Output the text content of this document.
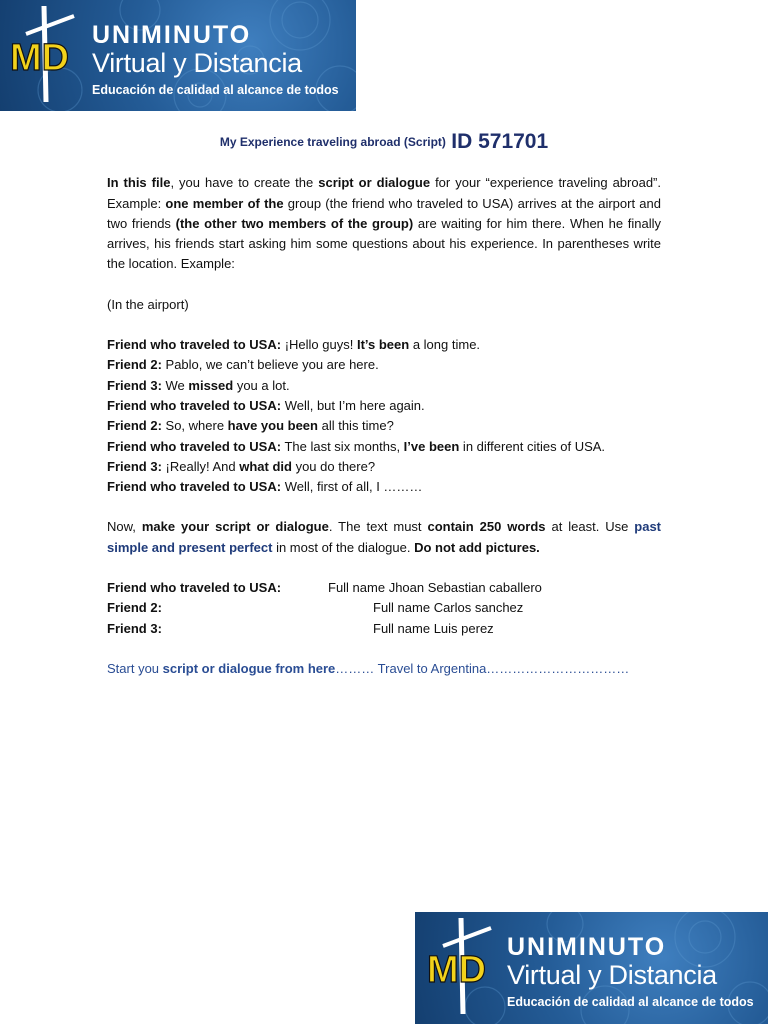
MD
UNIMINUTO
Virtual y Distancia
Educación de calidad al alcance de todos

My Experience traveling abroad (Script) ID 571701

In this file, you have to create the script or dialogue for your “experience traveling abroad”. Example: one member of the group (the friend who traveled to USA) arrives at the airport and two friends (the other two members of the group) are waiting for him there. When he finally arrives, his friends start asking him some questions about his experience. In parentheses write the location. Example:

(In the airport)

Friend who traveled to USA: ¡Hello guys! It’s been a long time.

Friend 2: Pablo, we can’t believe you are here.

Friend 3: We missed you a lot.

Friend who traveled to USA: Well, but I’m here again.

Friend 2: So, where have you been all this time?

Friend who traveled to USA: The last six months, I’ve been in different cities of USA.

Friend 3: ¡Really! And what did you do there?

Friend who traveled to USA: Well, first of all, I ………

Now, make your script or dialogue. The text must contain 250 words at least. Use past simple and present perfect in most of the dialogue. Do not add pictures.

Friend who traveled to USA:	Full name Jhoan Sebastian caballero
Friend 2:	Full name Carlos sanchez
Friend 3:	Full name Luis perez

Start you script or dialogue from here……… Travel to Argentina……………………………

MD
UNIMINUTO
Virtual y Distancia
Educación de calidad al alcance de todos
